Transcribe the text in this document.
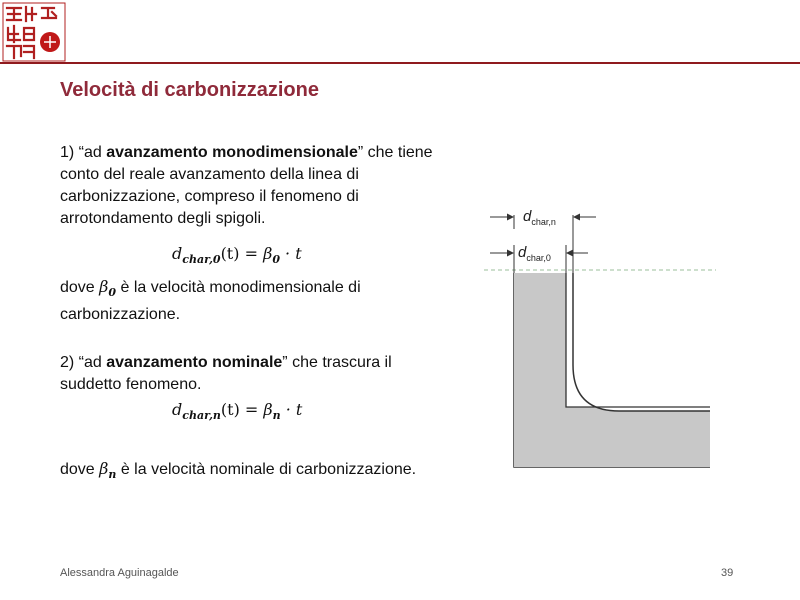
Velocità di carbonizzazione
1) “ad avanzamento monodimensionale” che tiene conto del reale avanzamento della linea di carbonizzazione, compreso il fenomeno di arrotondamento degli spigoli.
$d_{char,0}(t) = \beta_0 \cdot t$
dove $\beta_0$ è la velocità monodimensionale di carbonizzazione.
2) “ad avanzamento nominale” che trascura il suddetto fenomeno.
$d_{char,n}(t) = \beta_n \cdot t$
dove $\beta_n$ è la velocità nominale di carbonizzazione.
$d_{char,n}$
$d_{char,0}$
Alessandra Aguinagalde	39
